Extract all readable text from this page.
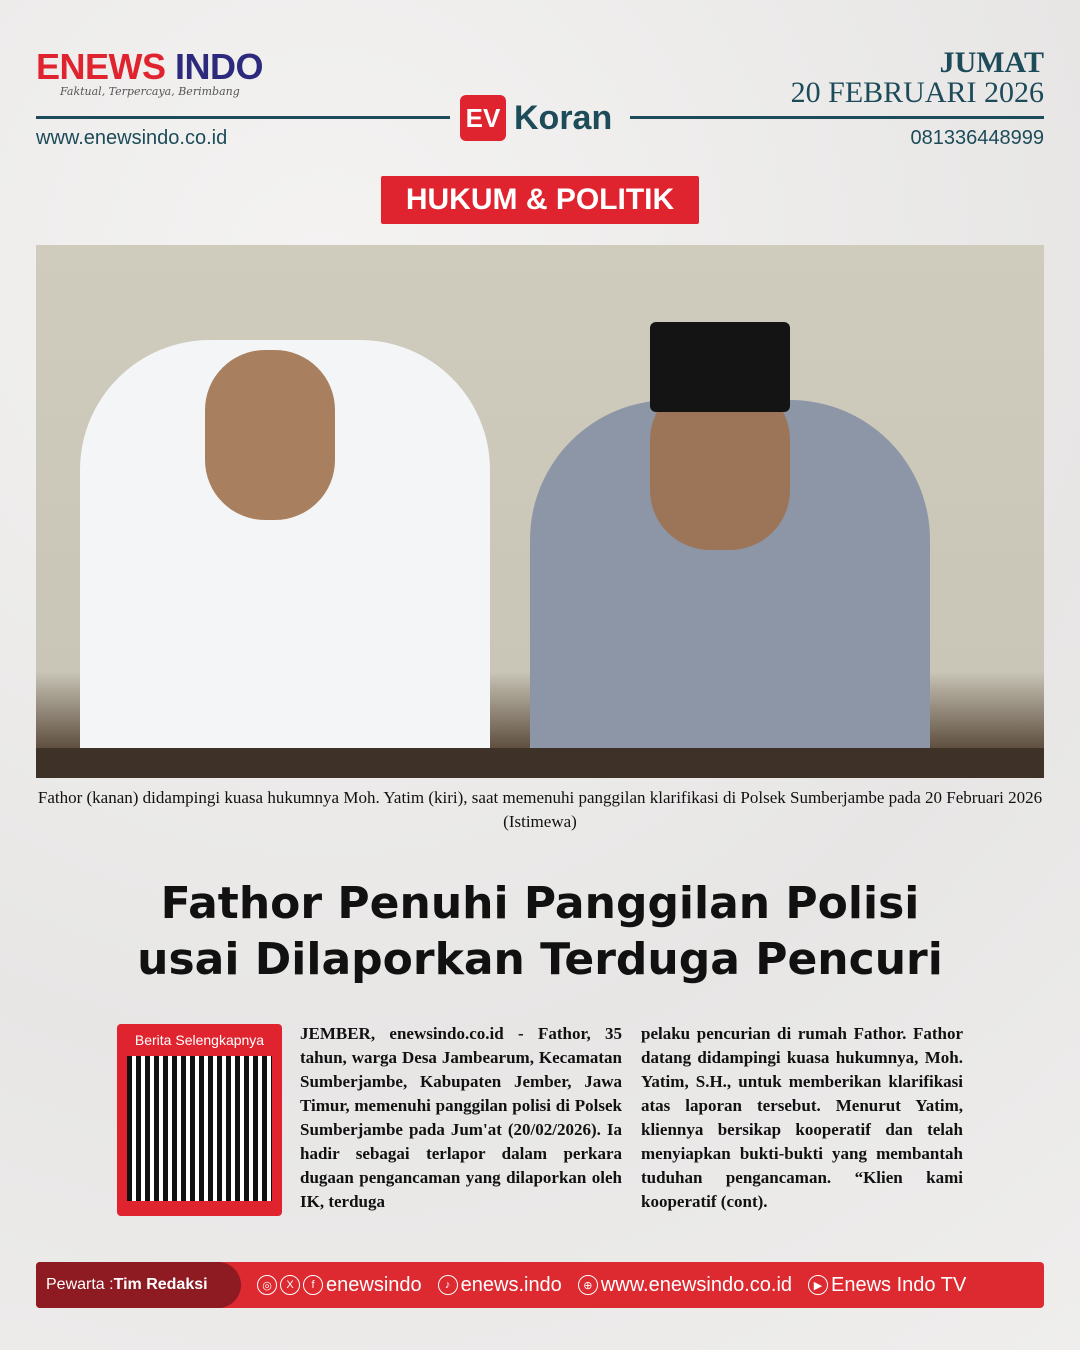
ENEWS INDO
Faktual, Terpercaya, Berimbang
JUMAT
20 FEBRUARI 2026
EV Koran
www.enewsindo.co.id	081336448999
HUKUM & POLITIK
Fathor (kanan) didampingi kuasa hukumnya Moh. Yatim (kiri), saat memenuhi panggilan klarifikasi di Polsek Sumberjambe pada 20 Februari 2026 (Istimewa)
Fathor Penuhi Panggilan Polisi
usai Dilaporkan Terduga Pencuri
Berita Selengkapnya	JEMBER, enewsindo.co.id - Fathor, 35 tahun, warga Desa Jambearum, Kecamatan Sumberjambe, Kabupaten Jember, Jawa Timur, memenuhi panggilan polisi di Polsek Sumberjambe pada Jum'at (20/02/2026). Ia hadir sebagai terlapor dalam perkara dugaan pengancaman yang dilaporkan oleh IK, terduga
pelaku pencurian di rumah Fathor. Fathor datang didampingi kuasa hukumnya, Moh. Yatim, S.H., untuk memberikan klarifikasi atas laporan tersebut. Menurut Yatim, kliennya bersikap kooperatif dan telah menyiapkan bukti-bukti yang membantah tuduhan pengancaman. “Klien kami kooperatif (cont).
Pewarta : Tim Redaksi	◎	X	f enewsindo	♪ enews.indo	⊕ www.enewsindo.co.id	▶ Enews Indo TV
